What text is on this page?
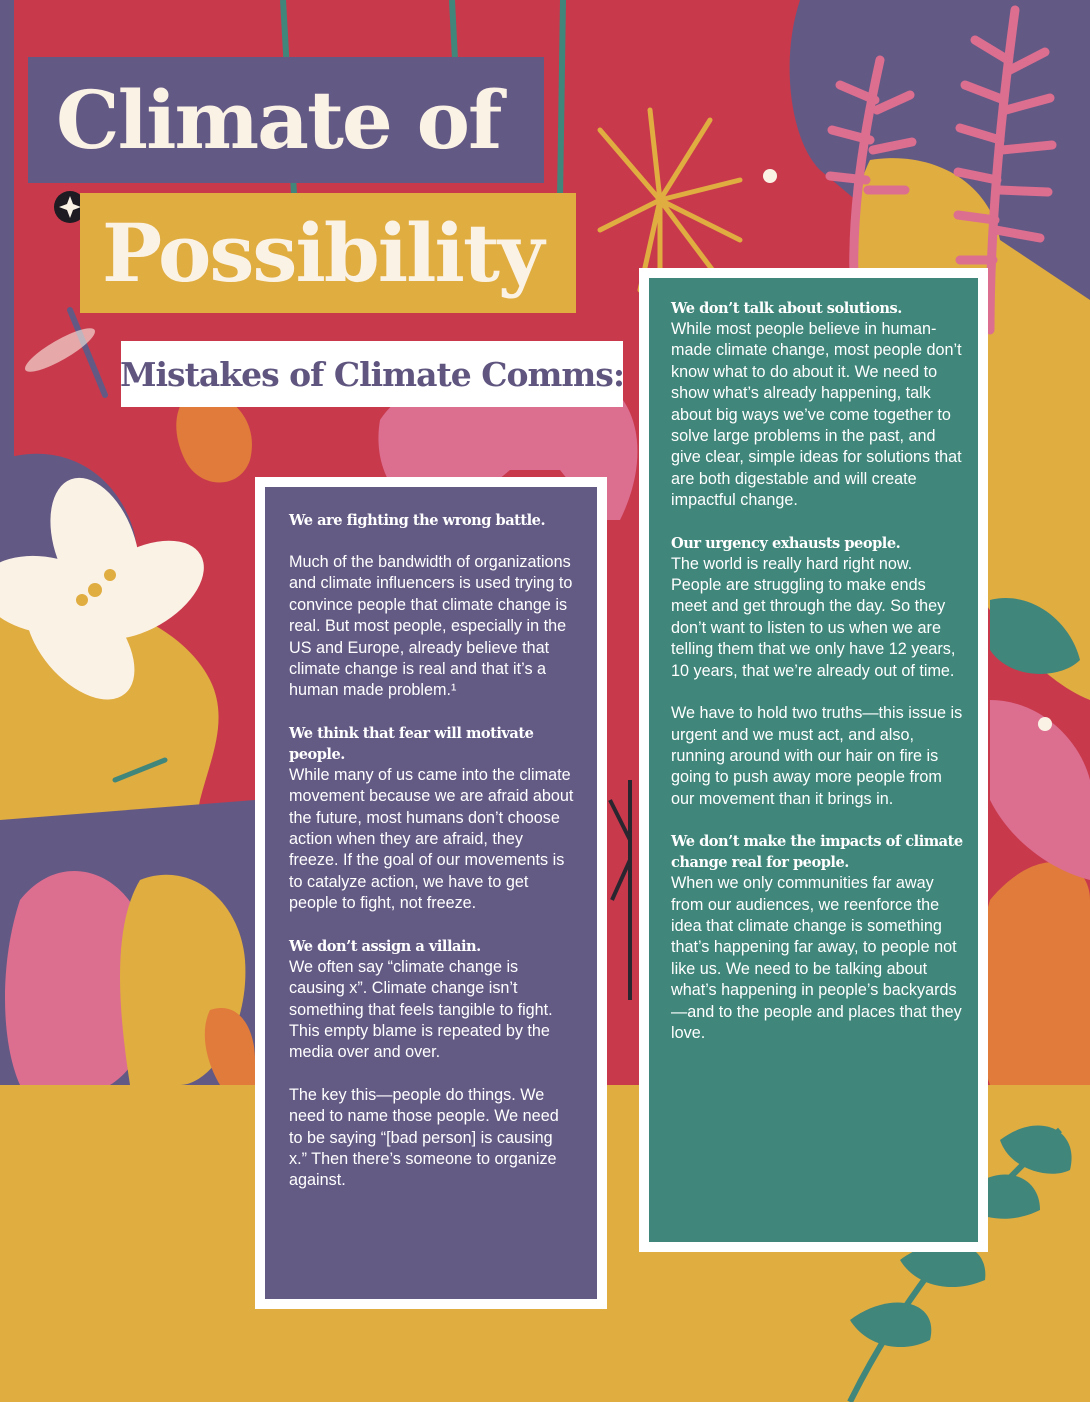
Climate of
Possibility
Mistakes of Climate Comms:
We are fighting the wrong battle.

Much of the bandwidth of organizations and climate influencers is used trying to convince people that climate change is real. But most people, especially in the US and Europe, already believe that climate change is real and that it’s a human made problem.¹

We think that fear will motivate people.

While many of us came into the climate movement because we are afraid about the future, most humans don’t choose action when they are afraid, they freeze. If the goal of our movements is to catalyze action, we have to get people to fight, not freeze.

We don’t assign a villain.

We often say “climate change is causing x”. Climate change isn’t something that feels tangible to fight. This empty blame is repeated by the media over and over.

The key this—people do things. We need to name those people. We need to be saying “[bad person] is causing x.” Then there’s someone to organize against.

We don’t talk about solutions.

While most people believe in human-made climate change, most people don’t know what to do about it. We need to show what’s already happening, talk about big ways we’ve come together to solve large problems in the past, and give clear, simple ideas for solutions that are both digestable and will create impactful change.

Our urgency exhausts people.

The world is really hard right now. People are struggling to make ends meet and get through the day. So they don’t want to listen to us when we are telling them that we only have 12 years, 10 years, that we’re already out of time.

We have to hold two truths—this issue is urgent and we must act, and also, running around with our hair on fire is going to push away more people from our movement than it brings in.

We don’t make the impacts of climate change real for people.

When we only communities far away from our audiences, we reenforce the idea that climate change is something that’s happening far away, to people not like us. We need to be talking about what’s happening in people’s backyards—and to the people and places that they love.
